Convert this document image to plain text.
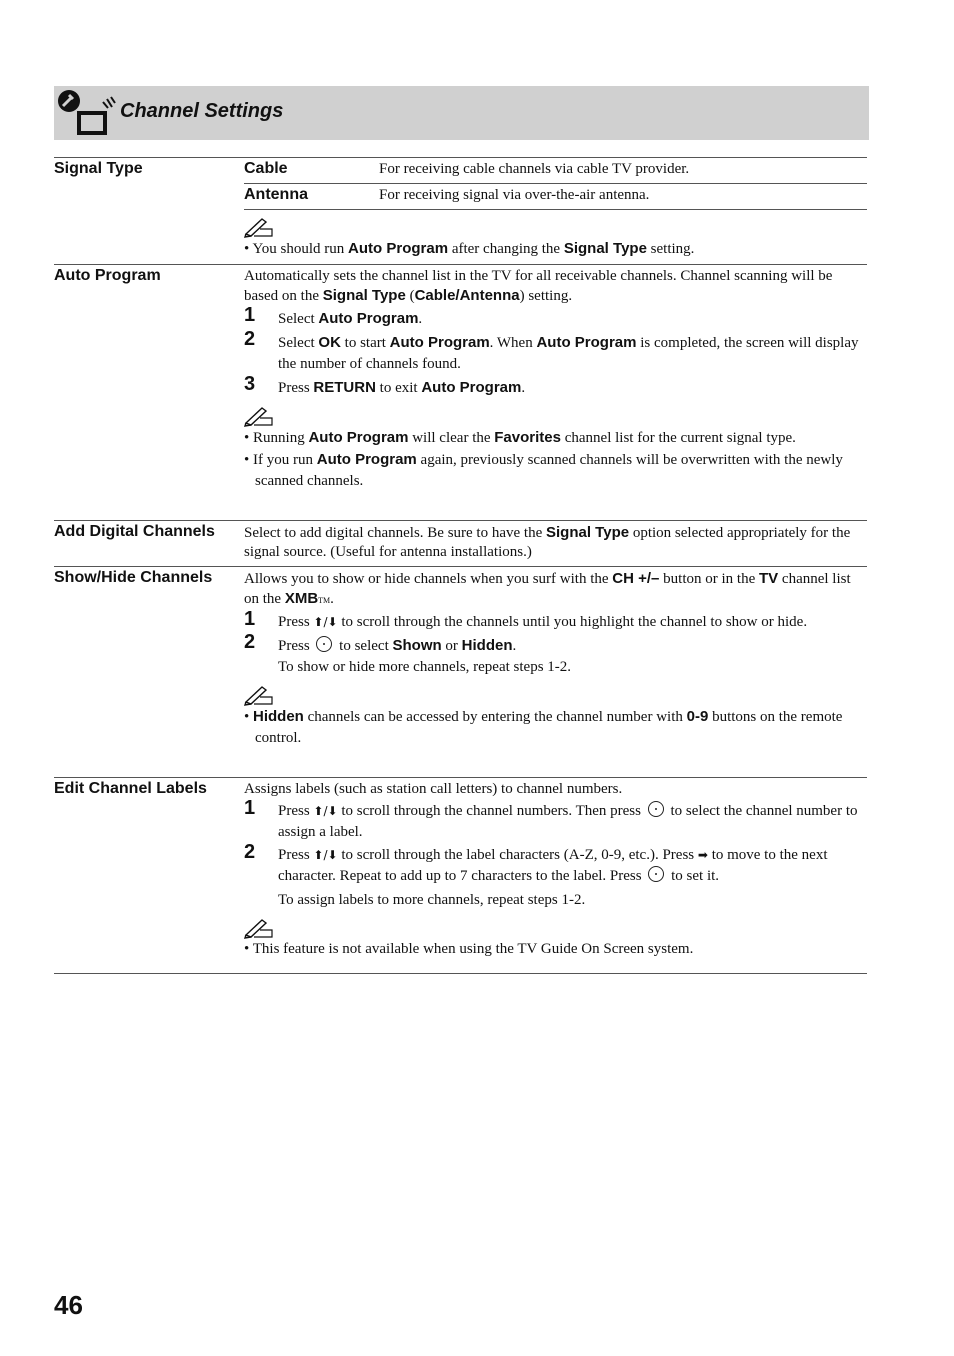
Channel Settings
Signal Type	Cable	For receiving cable channels via cable TV provider.
Antenna	For receiving signal via over-the-air antenna.

• You should run Auto Program after changing the Signal Type setting.

Auto Program	Automatically sets the channel list in the TV for all receivable channels. Channel scanning will be based on the Signal Type (Cable/Antenna) setting.

1 Select Auto Program.
2 Select OK to start Auto Program. When Auto Program is completed, the screen will display the number of channels found.
3 Press RETURN to exit Auto Program.

• Running Auto Program will clear the Favorites channel list for the current signal type.

• If you run Auto Program again, previously scanned channels will be overwritten with the newly scanned channels.

Add Digital Channels	Select to add digital channels. Be sure to have the Signal Type option selected appropriately for the signal source. (Useful for antenna installations.)

Show/Hide Channels	Allows you to show or hide channels when you surf with the CH +/– button or in the TV channel list on the XMBTM.

1 Press ⬆/⬇ to scroll through the channels until you highlight the channel to show or hide.
2 Press to select Shown or Hidden.
To show or hide more channels, repeat steps 1-2.

• Hidden channels can be accessed by entering the channel number with 0-9 buttons on the remote control.

Edit Channel Labels	Assigns labels (such as station call letters) to channel numbers.

1 Press ⬆/⬇ to scroll through the channel numbers. Then press to select the channel number to assign a label.
2 Press ⬆/⬇ to scroll through the label characters (A-Z, 0-9, etc.). Press ➡ to move to the next character. Repeat to add up to 7 characters to the label. Press to set it.
To assign labels to more channels, repeat steps 1-2.

• This feature is not available when using the TV Guide On Screen system.

46
